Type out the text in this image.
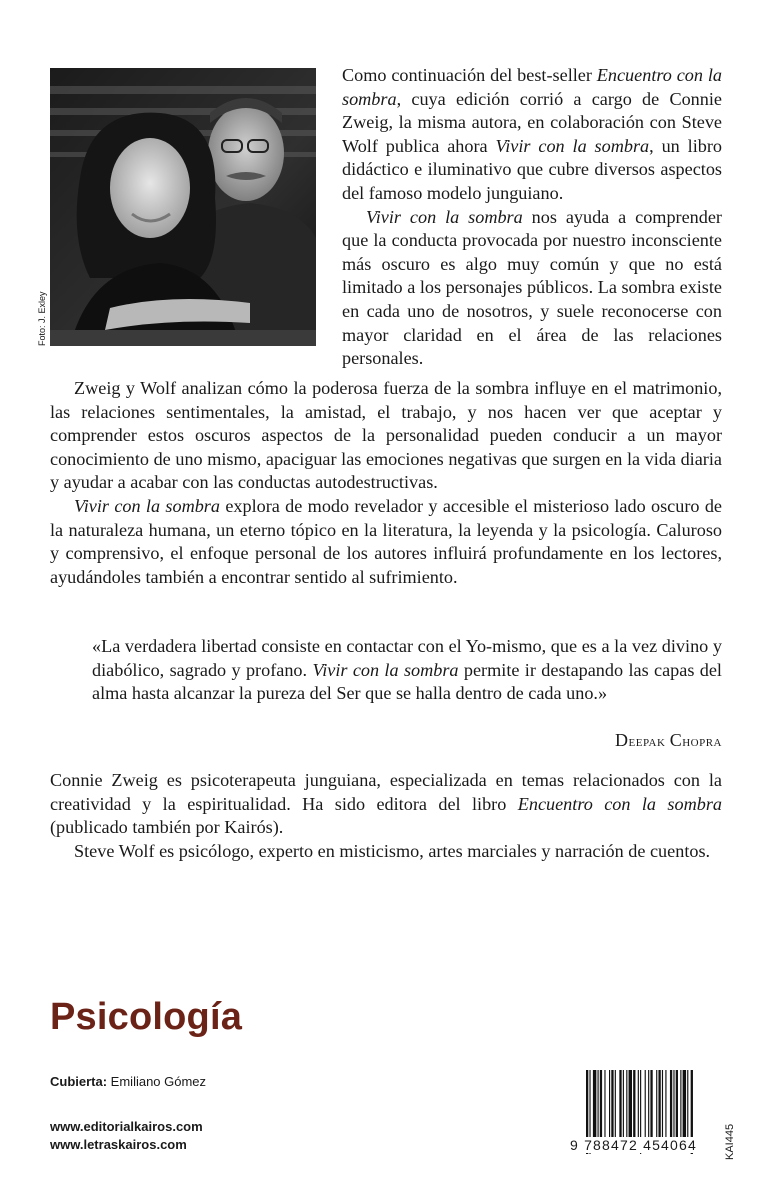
Foto: J. Exley

Como continuación del best-seller Encuentro con la sombra, cuya edición corrió a cargo de Connie Zweig, la misma autora, en colaboración con Steve Wolf publica ahora Vivir con la sombra, un libro didáctico e iluminativo que cubre diversos aspectos del famoso modelo junguiano.

Vivir con la sombra nos ayuda a comprender que la conducta provocada por nuestro inconsciente más oscuro es algo muy común y que no está limitado a los personajes públicos. La sombra existe en cada uno de nosotros, y suele reconocerse con mayor claridad en el área de las relaciones personales.

Zweig y Wolf analizan cómo la poderosa fuerza de la sombra influye en el matrimonio, las relaciones sentimentales, la amistad, el trabajo, y nos hacen ver que aceptar y comprender estos oscuros aspectos de la personalidad pueden conducir a un mayor conocimiento de uno mismo, apaciguar las emociones negativas que surgen en la vida diaria y ayudar a acabar con las conductas autodestructivas.

Vivir con la sombra explora de modo revelador y accesible el misterioso lado oscuro de la naturaleza humana, un eterno tópico en la literatura, la leyenda y la psicología. Caluroso y comprensivo, el enfoque personal de los autores influirá profundamente en los lectores, ayudándoles también a encontrar sentido al sufrimiento.

«La verdadera libertad consiste en contactar con el Yo-mismo, que es a la vez divino y diabólico, sagrado y profano. Vivir con la sombra permite ir destapando las capas del alma hasta alcanzar la pureza del Ser que se halla dentro de cada uno.»
Deepak Chopra

Connie Zweig es psicoterapeuta junguiana, especializada en temas relacionados con la creatividad y la espiritualidad. Ha sido editora del libro Encuentro con la sombra (publicado también por Kairós).

Steve Wolf es psicólogo, experto en misticismo, artes marciales y narración de cuentos.

Psicología
Cubierta: Emiliano Gómez
www.editorialkairos.com
www.letraskairos.com	9 788472 454064 KAI445
